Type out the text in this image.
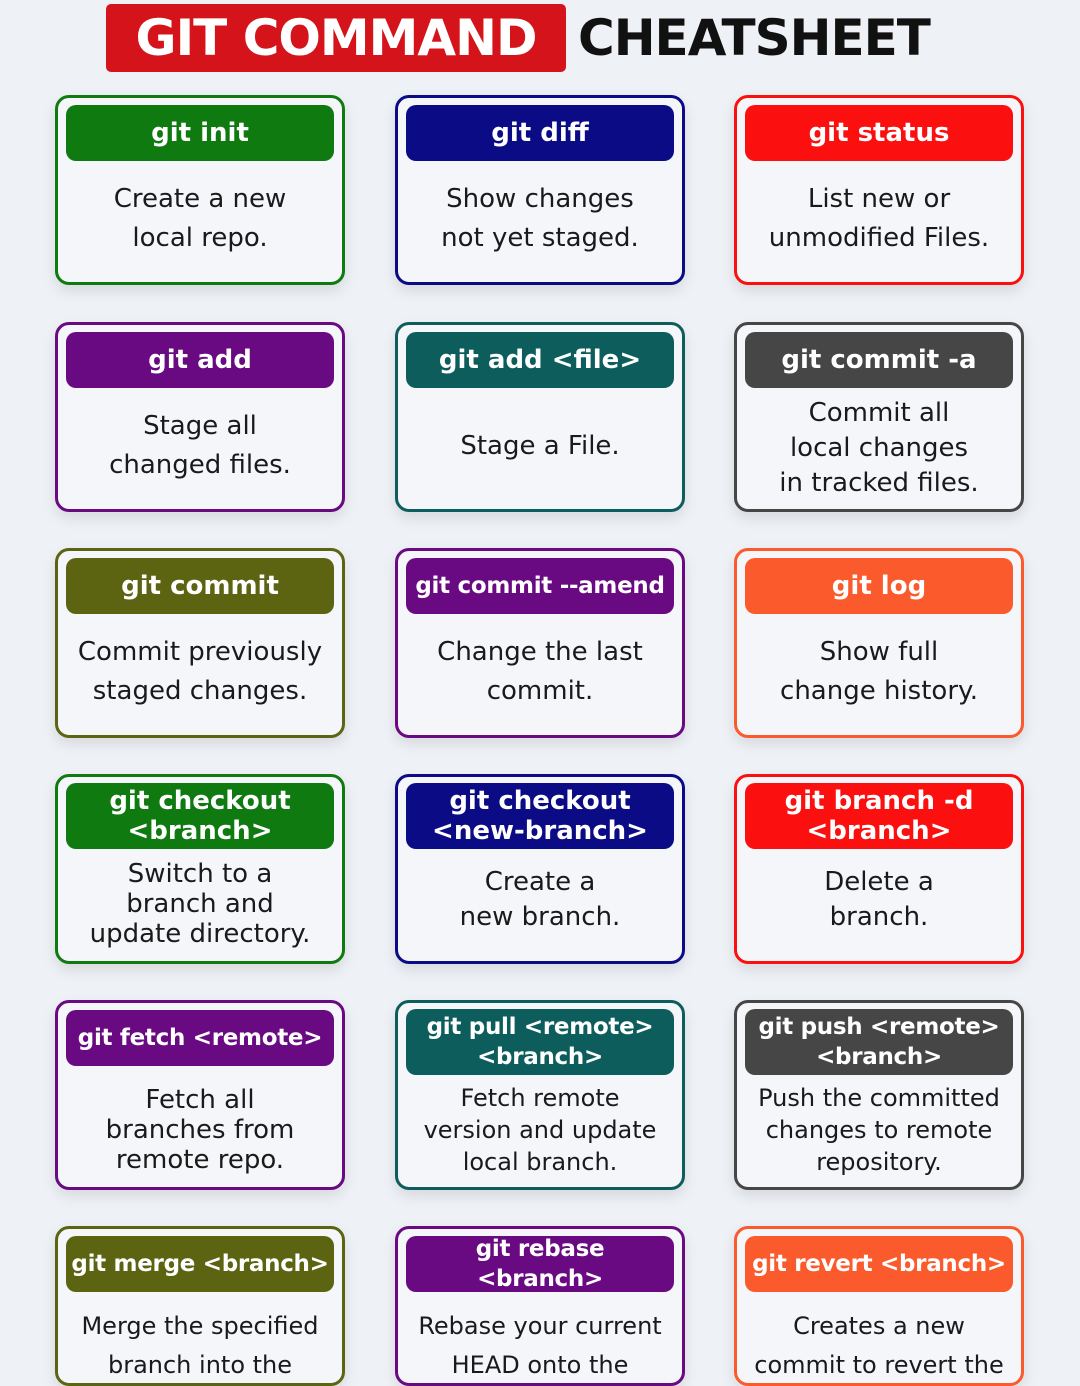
GIT COMMAND CHEATSHEET
git init
Create a new
local repo.
git diff
Show changes
not yet staged.
git status
List new or
unmodified Files.
git add
Stage all
changed files.
git add <file>
Stage a File.
git commit -a
Commit all
local changes
in tracked files.
git commit
Commit previously
staged changes.
git commit --amend
Change the last
commit.
git log
Show full
change history.
git checkout
<branch>
Switch to a
branch and
update directory.
git checkout
<new-branch>
Create a
new branch.
git branch -d
<branch>
Delete a
branch.
git fetch <remote>
Fetch all
branches from
remote repo.
git pull <remote>
<branch>
Fetch remote
version and update
local branch.
git push <remote>
<branch>
Push the committed
changes to remote
repository.
git merge <branch>
Merge the specified
branch into the
git rebase <branch>
Rebase your current
HEAD onto the
git revert <branch>
Creates a new
commit to revert the
